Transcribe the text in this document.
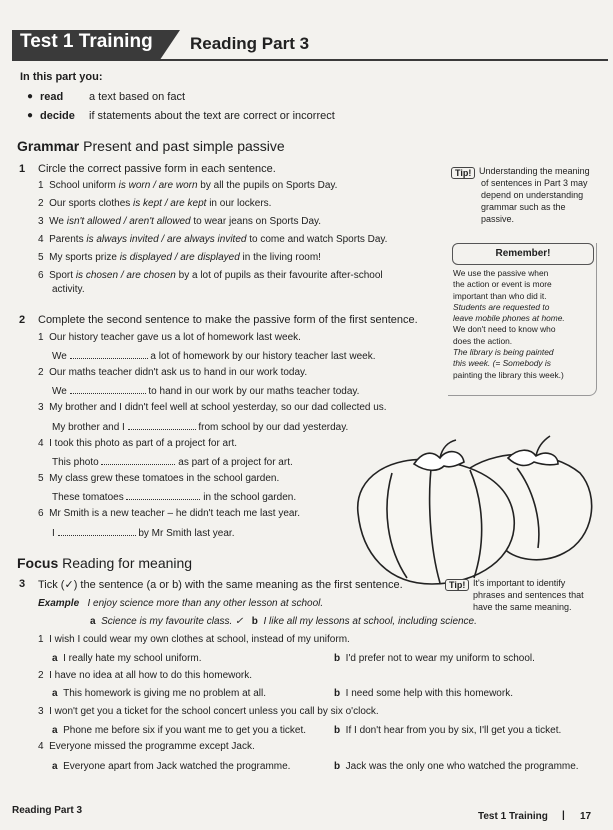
Test 1 Training Reading Part 3
In this part you:
● read a text based on fact
● decide if statements about the text are correct or incorrect
Grammar Present and past simple passive
1 Circle the correct passive form in each sentence.
1 School uniform is worn / are worn by all the pupils on Sports Day.
2 Our sports clothes is kept / are kept in our lockers.
3 We isn't allowed / aren't allowed to wear jeans on Sports Day.
4 Parents is always invited / are always invited to come and watch Sports Day.
5 My sports prize is displayed / are displayed in the living room!
6 Sport is chosen / are chosen by a lot of pupils as their favourite after-school
activity.
Tip! Understanding the meaning
of sentences in Part 3 may
depend on understanding
grammar such as the
passive.
Remember!
We use the passive when
the action or event is more
important than who did it.
Students are requested to
leave mobile phones at home.
We don't need to know who
does the action.
The library is being painted
this week. (= Somebody is
painting the library this week.)
2 Complete the second sentence to make the passive form of the first sentence.
1 Our history teacher gave us a lot of homework last week.
We	a lot of homework by our history teacher last week.
2 Our maths teacher didn't ask us to hand in our work today.
We	to hand in our work by our maths teacher today.
3 My brother and I didn't feel well at school yesterday, so our dad collected us.
My brother and I	from school by our dad yesterday.
4 I took this photo as part of a project for art.
This photo	as part of a project for art.
5 My class grew these tomatoes in the school garden.
These tomatoes	in the school garden.
6 Mr Smith is a new teacher – he didn't teach me last year.
I	by Mr Smith last year.
Focus Reading for meaning
3 Tick (✓) the sentence (a or b) with the same meaning as the first sentence.
Example I enjoy science more than any other lesson at school.
a Science is my favourite class. ✓ b I like all my lessons at school, including science.
Tip! It's important to identify
phrases and sentences that
have the same meaning.
1 I wish I could wear my own clothes at school, instead of my uniform.
a I really hate my school uniform.	b I'd prefer not to wear my uniform to school.
2 I have no idea at all how to do this homework.
a This homework is giving me no problem at all.	b I need some help with this homework.
3 I won't get you a ticket for the school concert unless you call by six o'clock.
a Phone me before six if you want me to get you a ticket.	b If I don't hear from you by six, I'll get you a ticket.
4 Everyone missed the programme except Jack.
a Everyone apart from Jack watched the programme.	b Jack was the only one who watched the programme.
Reading Part 3
Test 1 Training | 17
